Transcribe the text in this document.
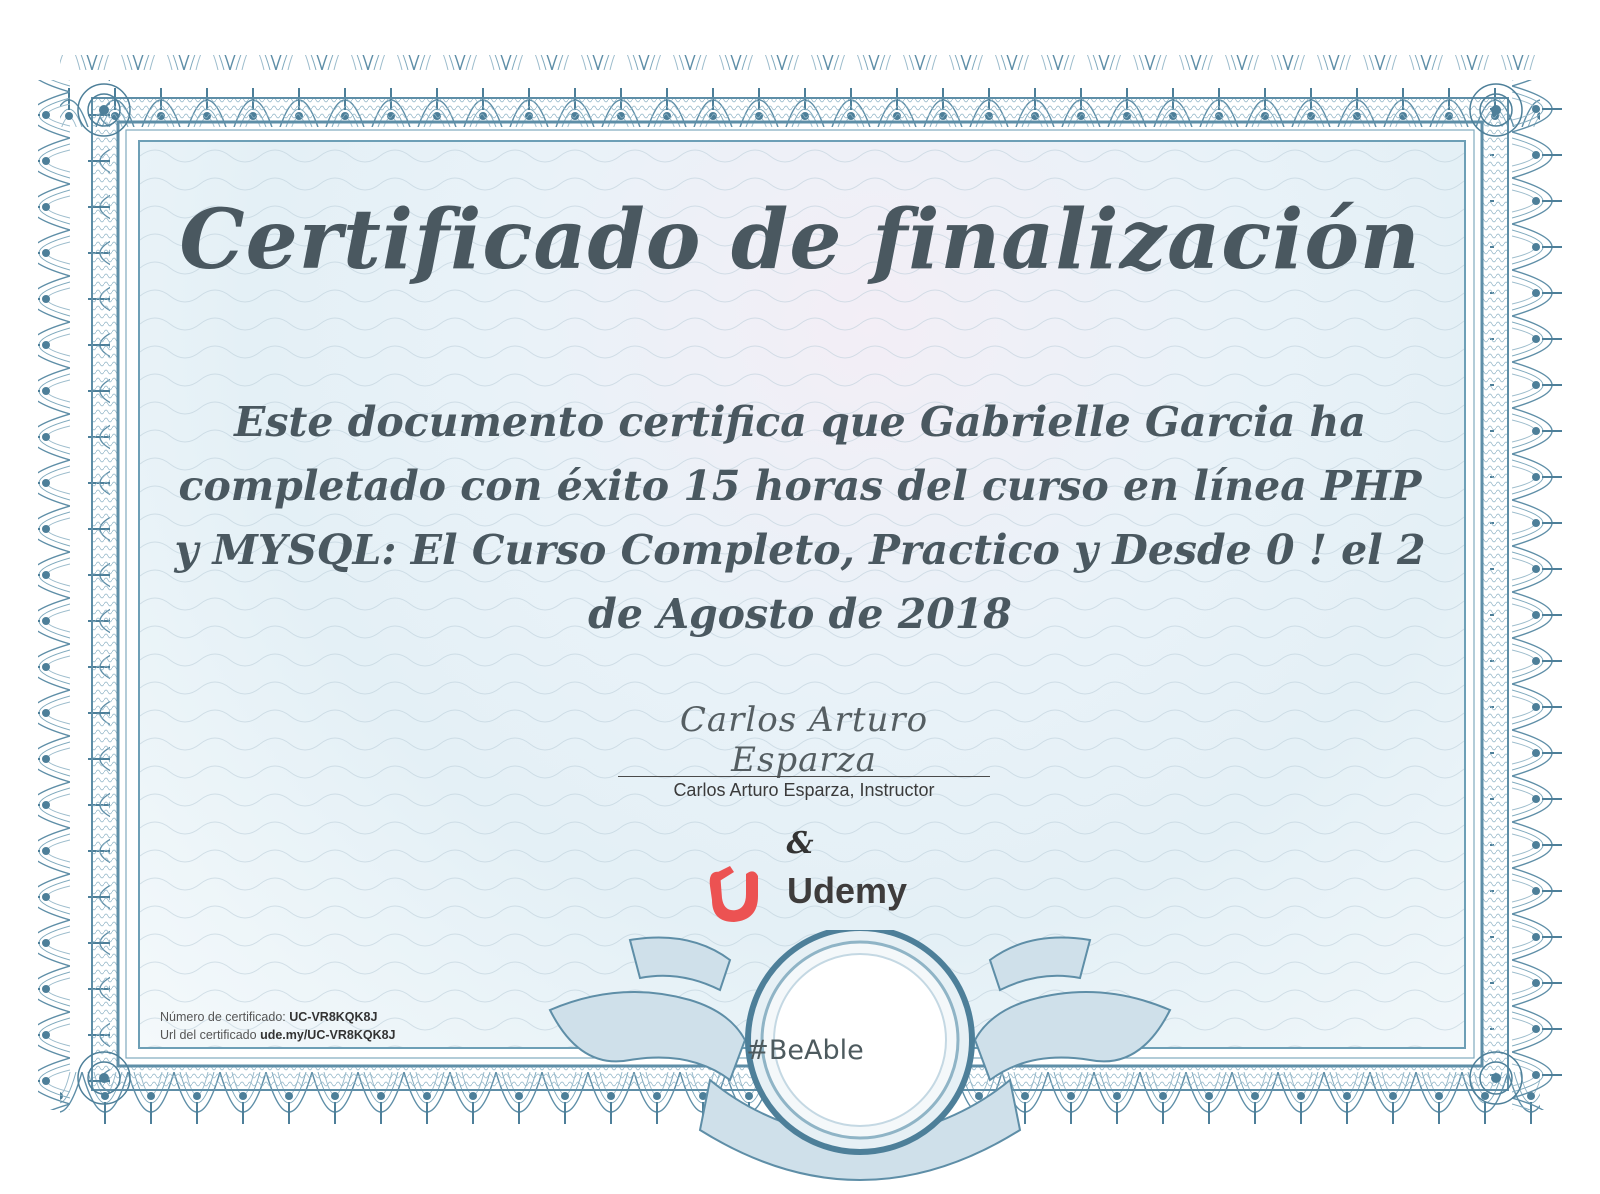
Certificado de finalización

Este documento certifica que Gabrielle Garcia ha completado con éxito 15 horas del curso en línea PHP y MYSQL: El Curso Completo, Practico y Desde 0 ! el 2 de Agosto de 2018

Carlos Arturo Esparza
Carlos Arturo Esparza, Instructor
&
Udemy
#BeAble
Número de certificado: UC-VR8KQK8J
Url del certificado ude.my/UC-VR8KQK8J
